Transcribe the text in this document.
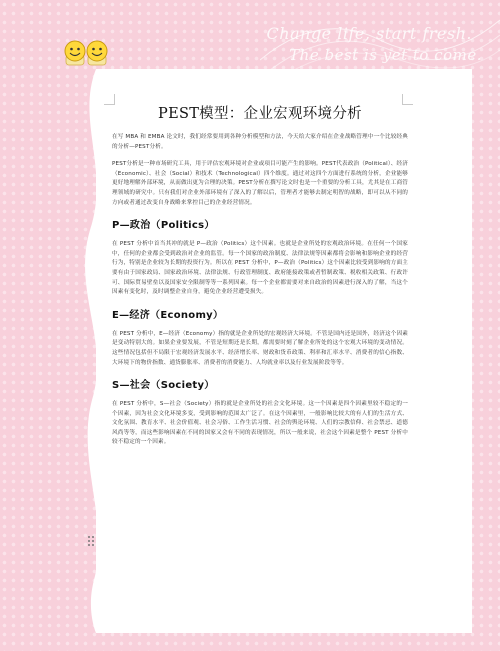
Change life, start fresh.
The best is yet to come.
PEST模型：企业宏观环境分析

在写 MBA 和 EMBA 论文时，我们经常要用到各种分析模型和方法，今天给大家介绍在企业战略管理中一个比较经典的分析—PEST分析。

PEST分析是一种市场研究工具，用于评估宏观环境对企业或项目可能产生的影响。PEST代表政治（Political）、经济（Economic）、社会（Social）和技术（Technological）四个维度。通过对这四个方面进行系统的分析，企业能够更好地理解外部环境，从而做出更为合理的决策。PEST分析在撰写论文时也是一个重要的分析工具，尤其是在工商管理领域的研究中。只有我们对企业外部环境有了深入的了解以后，管理者才能够去制定明智的战略，即可以从不同的方向或者通过改变自身战略来掌控目己的企业经营情况。

P—政治（Politics）

在 PEST 分析中首当其冲的就是 P—政治（Politics）这个因素。也就是企业所处的宏观政治环境。在任何一个国家中，任何的企业都会受到政治对企业的监管。每一个国家的政治制度、法律法规等因素都将会影响和影响企业的经营行为，特别是企业较为长期的投资行为。所以在 PEST 分析中，P—政治（Politics）这个因素比较受到影响的方面主要有由于国家政局、国家政治环境、法律法规、行政管理制度、政府能接政策或者暂制政策、税收相关政策、行政许可、国际贸易壁垒以及国家安全限制等等一系列因素。每一个企业都需要对来自政治的因素进行深入的了解，当这个因素有变化时，及时调整企业自身，避免企业经营遭受损失。

E—经济（Economy）

在 PEST 分析中，E—经济（Economy）指的就是企业所处的宏观经济大环境。不管是国内还是国外，经济这个因素是变动特别大的。如果企业要发展，不管是短期还是长期，都需要时刻了解企业所处的这个宏观大环境的变动情况。这些情况包括但不局限于宏观经济发展水平、经济增长率、财政和货币政策、利率和汇率水平、消费者的信心指数、大环境下的物价指数、通货膨胀率、消费者的消费能力、人均就业率以及行业发展阶段等等。

S—社会（Society）

在 PEST 分析中，S—社会（Society）指的就是企业所处的社会文化环境。这一个因素是四个因素里较不稳定的一个因素，因为社会文化环境多变，受到影响的范围太广泛了。在这个因素里，一般影响比较大的有人们的生活方式、文化氛围、教育水平、社会价值观、社会习俗、工作生活习惯、社会的舆论环境、人们的宗教信仰、社会禁忌、道德风尚等等，而这些影响因素在不同的国家又会有不同的表现情况，所以一般来说，社会这个因素是整个 PEST 分析中较不稳定的一个因素。
